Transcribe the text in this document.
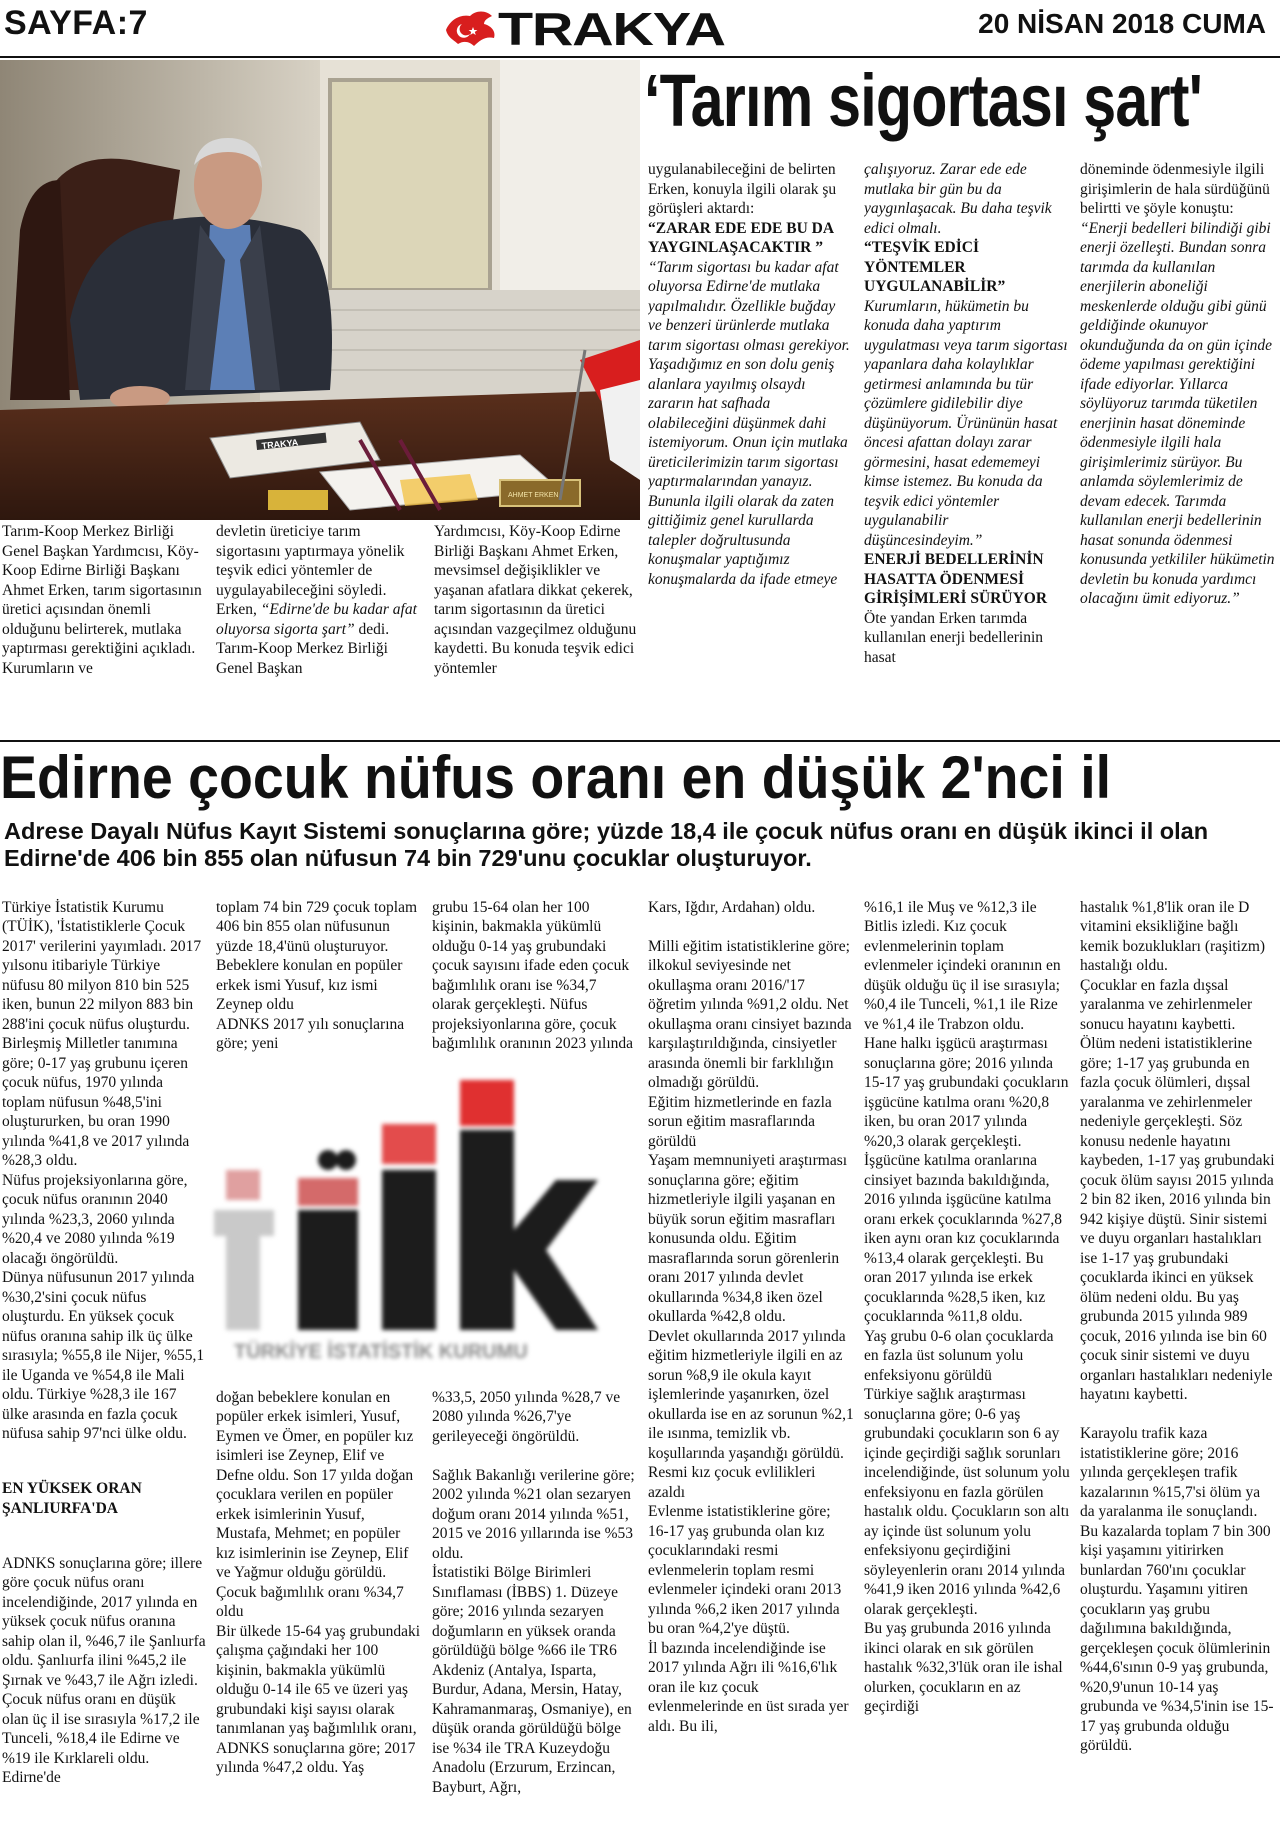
SAYFA:7	TRAKYA	20 NİSAN 2018 CUMA
TRAKYA
AHMET ERKEN
‘Tarım sigortası şart'

Tarım-Koop Merkez Birliği Genel Başkan Yardımcısı, Köy-Koop Edirne Birliği Başkanı Ahmet Erken, tarım sigortasının üretici açısından önemli olduğunu belirterek, mutlaka yaptırması gerektiğini açıkladı. Kurumların ve

devletin üreticiye tarım sigortasını yaptırmaya yönelik teşvik edici yöntemler de uygulayabileceğini söyledi. Erken, “Edirne'de bu kadar afat oluyorsa sigorta şart” dedi.

Tarım-Koop Merkez Birliği Genel Başkan

Yardımcısı, Köy-Koop Edirne Birliği Başkanı Ahmet Erken, mevsimsel değişiklikler ve yaşanan afatlara dikkat çekerek, tarım sigortasının da üretici açısından vazgeçilmez olduğunu kaydetti. Bu konuda teşvik edici yöntemler

uygulanabileceğini de belirten Erken, konuyla ilgili olarak şu görüşleri aktardı:

“ZARAR EDE EDE BU DA YAYGINLAŞACAKTIR ”

“Tarım sigortası bu kadar afat oluyorsa Edirne'de mutlaka yapılmalıdır. Özellikle buğday ve benzeri ürünlerde mutlaka tarım sigortası olması gerekiyor. Yaşadığımız en son dolu geniş alanlara yayılmış olsaydı zararın hat safhada olabileceğini düşünmek dahi istemiyorum. Onun için mutlaka üreticilerimizin tarım sigortası yaptırmalarından yanayız. Bununla ilgili olarak da zaten gittiğimiz genel kurullarda talepler doğrultusunda konuşmalar yaptığımız konuşmalarda da ifade etmeye

çalışıyoruz. Zarar ede ede mutlaka bir gün bu da yaygınlaşacak. Bu daha teşvik edici olmalı.

“TEŞVİK EDİCİ YÖNTEMLER UYGULANABİLİR”

Kurumların, hükümetin bu konuda daha yaptırım uygulatması veya tarım sigortası yapanlara daha kolaylıklar getirmesi anlamında bu tür çözümlere gidilebilir diye düşünüyorum. Ürününün hasat öncesi afattan dolayı zarar görmesini, hasat edememeyi kimse istemez. Bu konuda da teşvik edici yöntemler uygulanabilir düşüncesindeyim.”

ENERJİ BEDELLERİNİN HASATTA ÖDENMESİ GİRİŞİMLERİ SÜRÜYOR

Öte yandan Erken tarımda kullanılan enerji bedellerinin hasat

döneminde ödenmesiyle ilgili girişimlerin de hala sürdüğünü belirtti ve şöyle konuştu:

“Enerji bedelleri bilindiği gibi enerji özelleşti. Bundan sonra tarımda da kullanılan enerjilerin aboneliği meskenlerde olduğu gibi günü geldiğinde okunuyor okunduğunda da on gün içinde ödeme yapılması gerektiğini ifade ediyorlar. Yıllarca söylüyoruz tarımda tüketilen enerjinin hasat döneminde ödenmesiyle ilgili hala girişimlerimiz sürüyor. Bu anlamda söylemlerimiz de devam edecek. Tarımda kullanılan enerji bedellerinin hasat sonunda ödenmesi konusunda yetkililer hükümetin devletin bu konuda yardımcı olacağını ümit ediyoruz.”

Edirne çocuk nüfus oranı en düşük 2'nci il
Adrese Dayalı Nüfus Kayıt Sistemi sonuçlarına göre; yüzde 18,4 ile çocuk nüfus oranı en düşük ikinci il olan Edirne'de 406 bin 855 olan nüfusun 74 bin 729'unu çocuklar oluşturuyor.

Türkiye İstatistik Kurumu (TÜİK), 'İstatistiklerle Çocuk 2017' verilerini yayımladı. 2017 yılsonu itibariyle Türkiye nüfusu 80 milyon 810 bin 525 iken, bunun 22 milyon 883 bin 288'ini çocuk nüfus oluşturdu. Birleşmiş Milletler tanımına göre; 0-17 yaş grubunu içeren çocuk nüfus, 1970 yılında toplam nüfusun %48,5'ini oluştururken, bu oran 1990 yılında %41,8 ve 2017 yılında %28,3 oldu.
Nüfus projeksiyonlarına göre, çocuk nüfus oranının 2040 yılında %23,3, 2060 yılında %20,4 ve 2080 yılında %19 olacağı öngörüldü.
Dünya nüfusunun 2017 yılında %30,2'sini çocuk nüfus oluşturdu. En yüksek çocuk nüfus oranına sahip ilk üç ülke sırasıyla; %55,8 ile Nijer, %55,1 ile Uganda ve %54,8 ile Mali oldu. Türkiye %28,3 ile 167 ülke arasında en fazla çocuk nüfusa sahip 97'nci ülke oldu.

EN YÜKSEK ORAN ŞANLIURFA'DA

ADNKS sonuçlarına göre; illere göre çocuk nüfus oranı incelendiğinde, 2017 yılında en yüksek çocuk nüfus oranına sahip olan il, %46,7 ile Şanlıurfa oldu. Şanlıurfa ilini %45,2 ile Şırnak ve %43,7 ile Ağrı izledi. Çocuk nüfus oranı en düşük olan üç il ise sırasıyla %17,2 ile Tunceli, %18,4 ile Edirne ve %19 ile Kırklareli oldu. Edirne'de

toplam 74 bin 729 çocuk toplam 406 bin 855 olan nüfusunun yüzde 18,4'ünü oluşturuyor. Bebeklere konulan en popüler erkek ismi Yusuf, kız ismi Zeynep oldu
ADNKS 2017 yılı sonuçlarına göre; yeni

grubu 15-64 olan her 100 kişinin, bakmakla yükümlü olduğu 0-14 yaş grubundaki çocuk sayısını ifade eden çocuk bağımlılık oranı ise %34,7 olarak gerçekleşti. Nüfus projeksiyonlarına göre, çocuk bağımlılık oranının 2023 yılında

TÜRKİYE İSTATİSTİK KURUMU

doğan bebeklere konulan en popüler erkek isimleri, Yusuf, Eymen ve Ömer, en popüler kız isimleri ise Zeynep, Elif ve Defne oldu. Son 17 yılda doğan çocuklara verilen en popüler erkek isimlerinin Yusuf, Mustafa, Mehmet; en popüler kız isimlerinin ise Zeynep, Elif ve Yağmur olduğu görüldü.
Çocuk bağımlılık oranı %34,7 oldu
Bir ülkede 15-64 yaş grubundaki çalışma çağındaki her 100 kişinin, bakmakla yükümlü olduğu 0-14 ile 65 ve üzeri yaş grubundaki kişi sayısı olarak tanımlanan yaş bağımlılık oranı, ADNKS sonuçlarına göre; 2017 yılında %47,2 oldu. Yaş

%33,5, 2050 yılında %28,7 ve 2080 yılında %26,7'ye gerileyeceği öngörüldü.

Sağlık Bakanlığı verilerine göre; 2002 yılında %21 olan sezaryen doğum oranı 2014 yılında %51, 2015 ve 2016 yıllarında ise %53 oldu.
İstatistiki Bölge Birimleri Sınıflaması (İBBS) 1. Düzeye göre; 2016 yılında sezaryen doğumların en yüksek oranda görüldüğü bölge %66 ile TR6 Akdeniz (Antalya, Isparta, Burdur, Adana, Mersin, Hatay, Kahramanmaraş, Osmaniye), en düşük oranda görüldüğü bölge ise %34 ile TRA Kuzeydoğu Anadolu (Erzurum, Erzincan, Bayburt, Ağrı,

Kars, Iğdır, Ardahan) oldu.

Milli eğitim istatistiklerine göre; ilkokul seviyesinde net okullaşma oranı 2016/'17 öğretim yılında %91,2 oldu. Net okullaşma oranı cinsiyet bazında karşılaştırıldığında, cinsiyetler arasında önemli bir farklılığın olmadığı görüldü.
Eğitim hizmetlerinde en fazla sorun eğitim masraflarında görüldü
Yaşam memnuniyeti araştırması sonuçlarına göre; eğitim hizmetleriyle ilgili yaşanan en büyük sorun eğitim masrafları konusunda oldu. Eğitim masraflarında sorun görenlerin oranı 2017 yılında devlet okullarında %34,8 iken özel okullarda %42,8 oldu.
Devlet okullarında 2017 yılında eğitim hizmetleriyle ilgili en az sorun %8,9 ile okula kayıt işlemlerinde yaşanırken, özel okullarda ise en az sorunun %2,1 ile ısınma, temizlik vb. koşullarında yaşandığı görüldü.
Resmi kız çocuk evlilikleri azaldı
Evlenme istatistiklerine göre; 16-17 yaş grubunda olan kız çocuklarındaki resmi evlenmelerin toplam resmi evlenmeler içindeki oranı 2013 yılında %6,2 iken 2017 yılında bu oran %4,2'ye düştü.
İl bazında incelendiğinde ise 2017 yılında Ağrı ili %16,6'lık oran ile kız çocuk evlenmelerinde en üst sırada yer aldı. Bu ili,

%16,1 ile Muş ve %12,3 ile Bitlis izledi. Kız çocuk evlenmelerinin toplam evlenmeler içindeki oranının en düşük olduğu üç il ise sırasıyla; %0,4 ile Tunceli, %1,1 ile Rize ve %1,4 ile Trabzon oldu.
Hane halkı işgücü araştırması sonuçlarına göre; 2016 yılında 15-17 yaş grubundaki çocukların işgücüne katılma oranı %20,8 iken, bu oran 2017 yılında %20,3 olarak gerçekleşti. İşgücüne katılma oranlarına cinsiyet bazında bakıldığında, 2016 yılında işgücüne katılma oranı erkek çocuklarında %27,8 iken aynı oran kız çocuklarında %13,4 olarak gerçekleşti. Bu oran 2017 yılında ise erkek çocuklarında %28,5 iken, kız çocuklarında %11,8 oldu.
Yaş grubu 0-6 olan çocuklarda en fazla üst solunum yolu enfeksiyonu görüldü
Türkiye sağlık araştırması sonuçlarına göre; 0-6 yaş grubundaki çocukların son 6 ay içinde geçirdiği sağlık sorunları incelendiğinde, üst solunum yolu enfeksiyonu en fazla görülen hastalık oldu. Çocukların son altı ay içinde üst solunum yolu enfeksiyonu geçirdiğini söyleyenlerin oranı 2014 yılında %41,9 iken 2016 yılında %42,6 olarak gerçekleşti.
Bu yaş grubunda 2016 yılında ikinci olarak en sık görülen hastalık %32,3'lük oran ile ishal olurken, çocukların en az geçirdiği

hastalık %1,8'lik oran ile D vitamini eksikliğine bağlı kemik bozuklukları (raşitizm) hastalığı oldu.
Çocuklar en fazla dışsal yaralanma ve zehirlenmeler sonucu hayatını kaybetti.
Ölüm nedeni istatistiklerine göre; 1-17 yaş grubunda en fazla çocuk ölümleri, dışsal yaralanma ve zehirlenmeler nedeniyle gerçekleşti. Söz konusu nedenle hayatını kaybeden, 1-17 yaş grubundaki çocuk ölüm sayısı 2015 yılında 2 bin 82 iken, 2016 yılında bin 942 kişiye düştü. Sinir sistemi ve duyu organları hastalıkları ise 1-17 yaş grubundaki çocuklarda ikinci en yüksek ölüm nedeni oldu. Bu yaş grubunda 2015 yılında 989 çocuk, 2016 yılında ise bin 60 çocuk sinir sistemi ve duyu organları hastalıkları nedeniyle hayatını kaybetti.

Karayolu trafik kaza istatistiklerine göre; 2016 yılında gerçekleşen trafik kazalarının %15,7'si ölüm ya da yaralanma ile sonuçlandı. Bu kazalarda toplam 7 bin 300 kişi yaşamını yitirirken bunlardan 760'ını çocuklar oluşturdu. Yaşamını yitiren çocukların yaş grubu dağılımına bakıldığında, gerçekleşen çocuk ölümlerinin %44,6'sının 0-9 yaş grubunda, %20,9'unun 10-14 yaş grubunda ve %34,5'inin ise 15-17 yaş grubunda olduğu görüldü.
